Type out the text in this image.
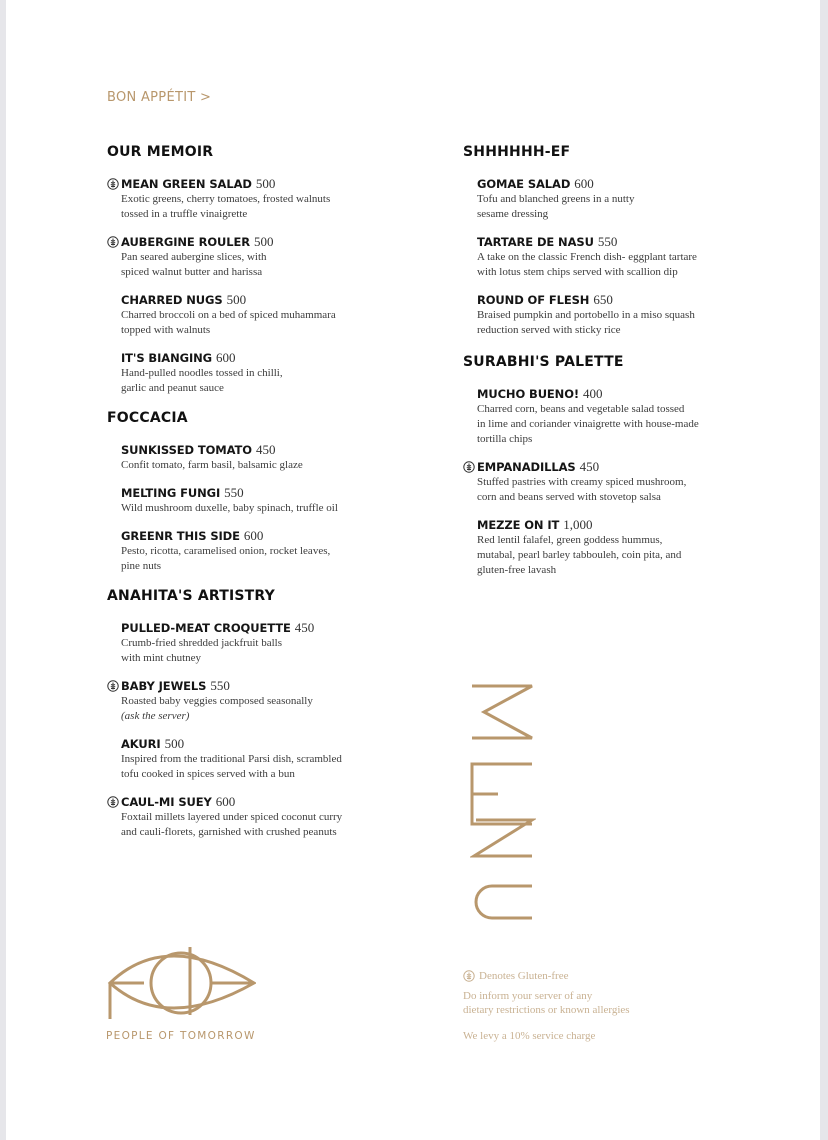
BON APPÉTIT >
OUR MEMOIR
MEAN GREEN SALAD 500
Exotic greens, cherry tomatoes, frosted walnuts
tossed in a truffle vinaigrette
AUBERGINE ROULER 500
Pan seared aubergine slices, with
spiced walnut butter and harissa
CHARRED NUGS 500
Charred broccoli on a bed of spiced muhammara
topped with walnuts
IT'S BIANGING 600
Hand-pulled noodles tossed in chilli,
garlic and peanut sauce
FOCCACIA
SUNKISSED TOMATO 450
Confit tomato, farm basil, balsamic glaze
MELTING FUNGI 550
Wild mushroom duxelle, baby spinach, truffle oil
GREENR THIS SIDE 600
Pesto, ricotta, caramelised onion, rocket leaves,
pine nuts
ANAHITA'S ARTISTRY
PULLED-MEAT CROQUETTE 450
Crumb-fried shredded jackfruit balls
with mint chutney
BABY JEWELS 550
Roasted baby veggies composed seasonally
(ask the server)
AKURI 500
Inspired from the traditional Parsi dish, scrambled
tofu cooked in spices served with a bun
CAUL-MI SUEY 600
Foxtail millets layered under spiced coconut curry
and cauli-florets, garnished with crushed peanuts
SHHHHHH-EF
GOMAE SALAD 600
Tofu and blanched greens in a nutty
sesame dressing
TARTARE DE NASU 550
A take on the classic French dish- eggplant tartare
with lotus stem chips served with scallion dip
ROUND OF FLESH 650
Braised pumpkin and portobello in a miso squash
reduction served with sticky rice
SURABHI'S PALETTE
MUCHO BUENO! 400
Charred corn, beans and vegetable salad tossed
in lime and coriander vinaigrette with house-made
tortilla chips
EMPANADILLAS 450
Stuffed pastries with creamy spiced mushroom,
corn and beans served with stovetop salsa
MEZZE ON IT 1,000
Red lentil falafel, green goddess hummus,
mutabal, pearl barley tabbouleh, coin pita, and
gluten-free lavash
PEOPLE OF TOMORROW
Denotes Gluten-free
Do inform your server of any
dietary restrictions or known allergies
We levy a 10% service charge
